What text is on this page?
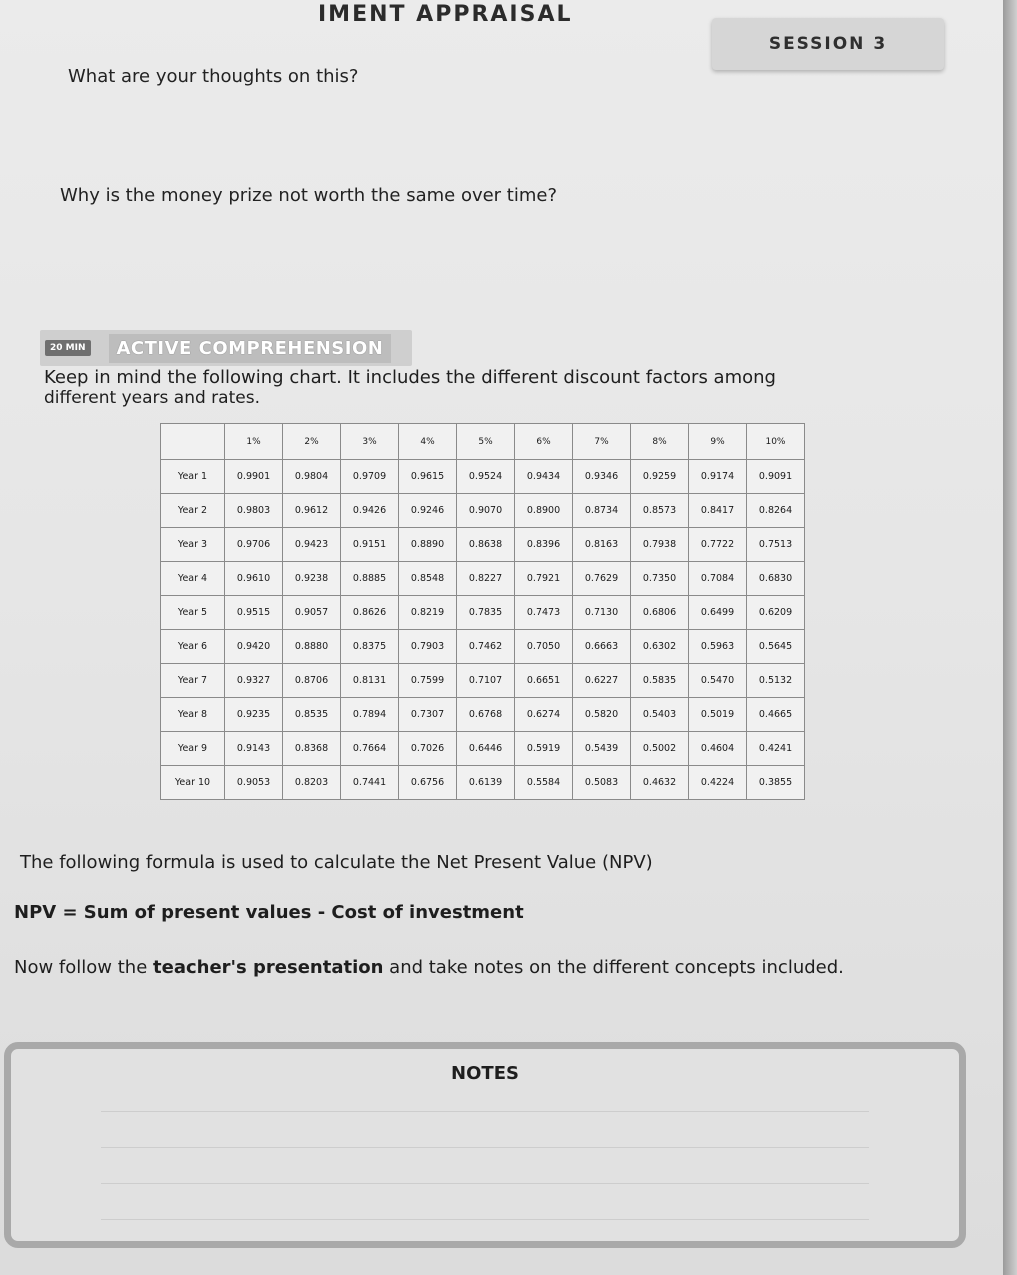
IMENT APPRAISAL
SESSION 3
What are your thoughts on this?
Why is the money prize not worth the same over time?
20 MIN	ACTIVE COMPREHENSION
Keep in mind the following chart. It includes the different discount factors among
different years and rates.
	1%	2%	3%	4%	5%	6%	7%	8%	9%	10%
Year 1	0.9901	0.9804	0.9709	0.9615	0.9524	0.9434	0.9346	0.9259	0.9174	0.9091
Year 2	0.9803	0.9612	0.9426	0.9246	0.9070	0.8900	0.8734	0.8573	0.8417	0.8264
Year 3	0.9706	0.9423	0.9151	0.8890	0.8638	0.8396	0.8163	0.7938	0.7722	0.7513
Year 4	0.9610	0.9238	0.8885	0.8548	0.8227	0.7921	0.7629	0.7350	0.7084	0.6830
Year 5	0.9515	0.9057	0.8626	0.8219	0.7835	0.7473	0.7130	0.6806	0.6499	0.6209
Year 6	0.9420	0.8880	0.8375	0.7903	0.7462	0.7050	0.6663	0.6302	0.5963	0.5645
Year 7	0.9327	0.8706	0.8131	0.7599	0.7107	0.6651	0.6227	0.5835	0.5470	0.5132
Year 8	0.9235	0.8535	0.7894	0.7307	0.6768	0.6274	0.5820	0.5403	0.5019	0.4665
Year 9	0.9143	0.8368	0.7664	0.7026	0.6446	0.5919	0.5439	0.5002	0.4604	0.4241
Year 10	0.9053	0.8203	0.7441	0.6756	0.6139	0.5584	0.5083	0.4632	0.4224	0.3855
The following formula is used to calculate the Net Present Value (NPV)
NPV = Sum of present values - Cost of investment
Now follow the teacher's presentation and take notes on the different concepts included.
NOTES
